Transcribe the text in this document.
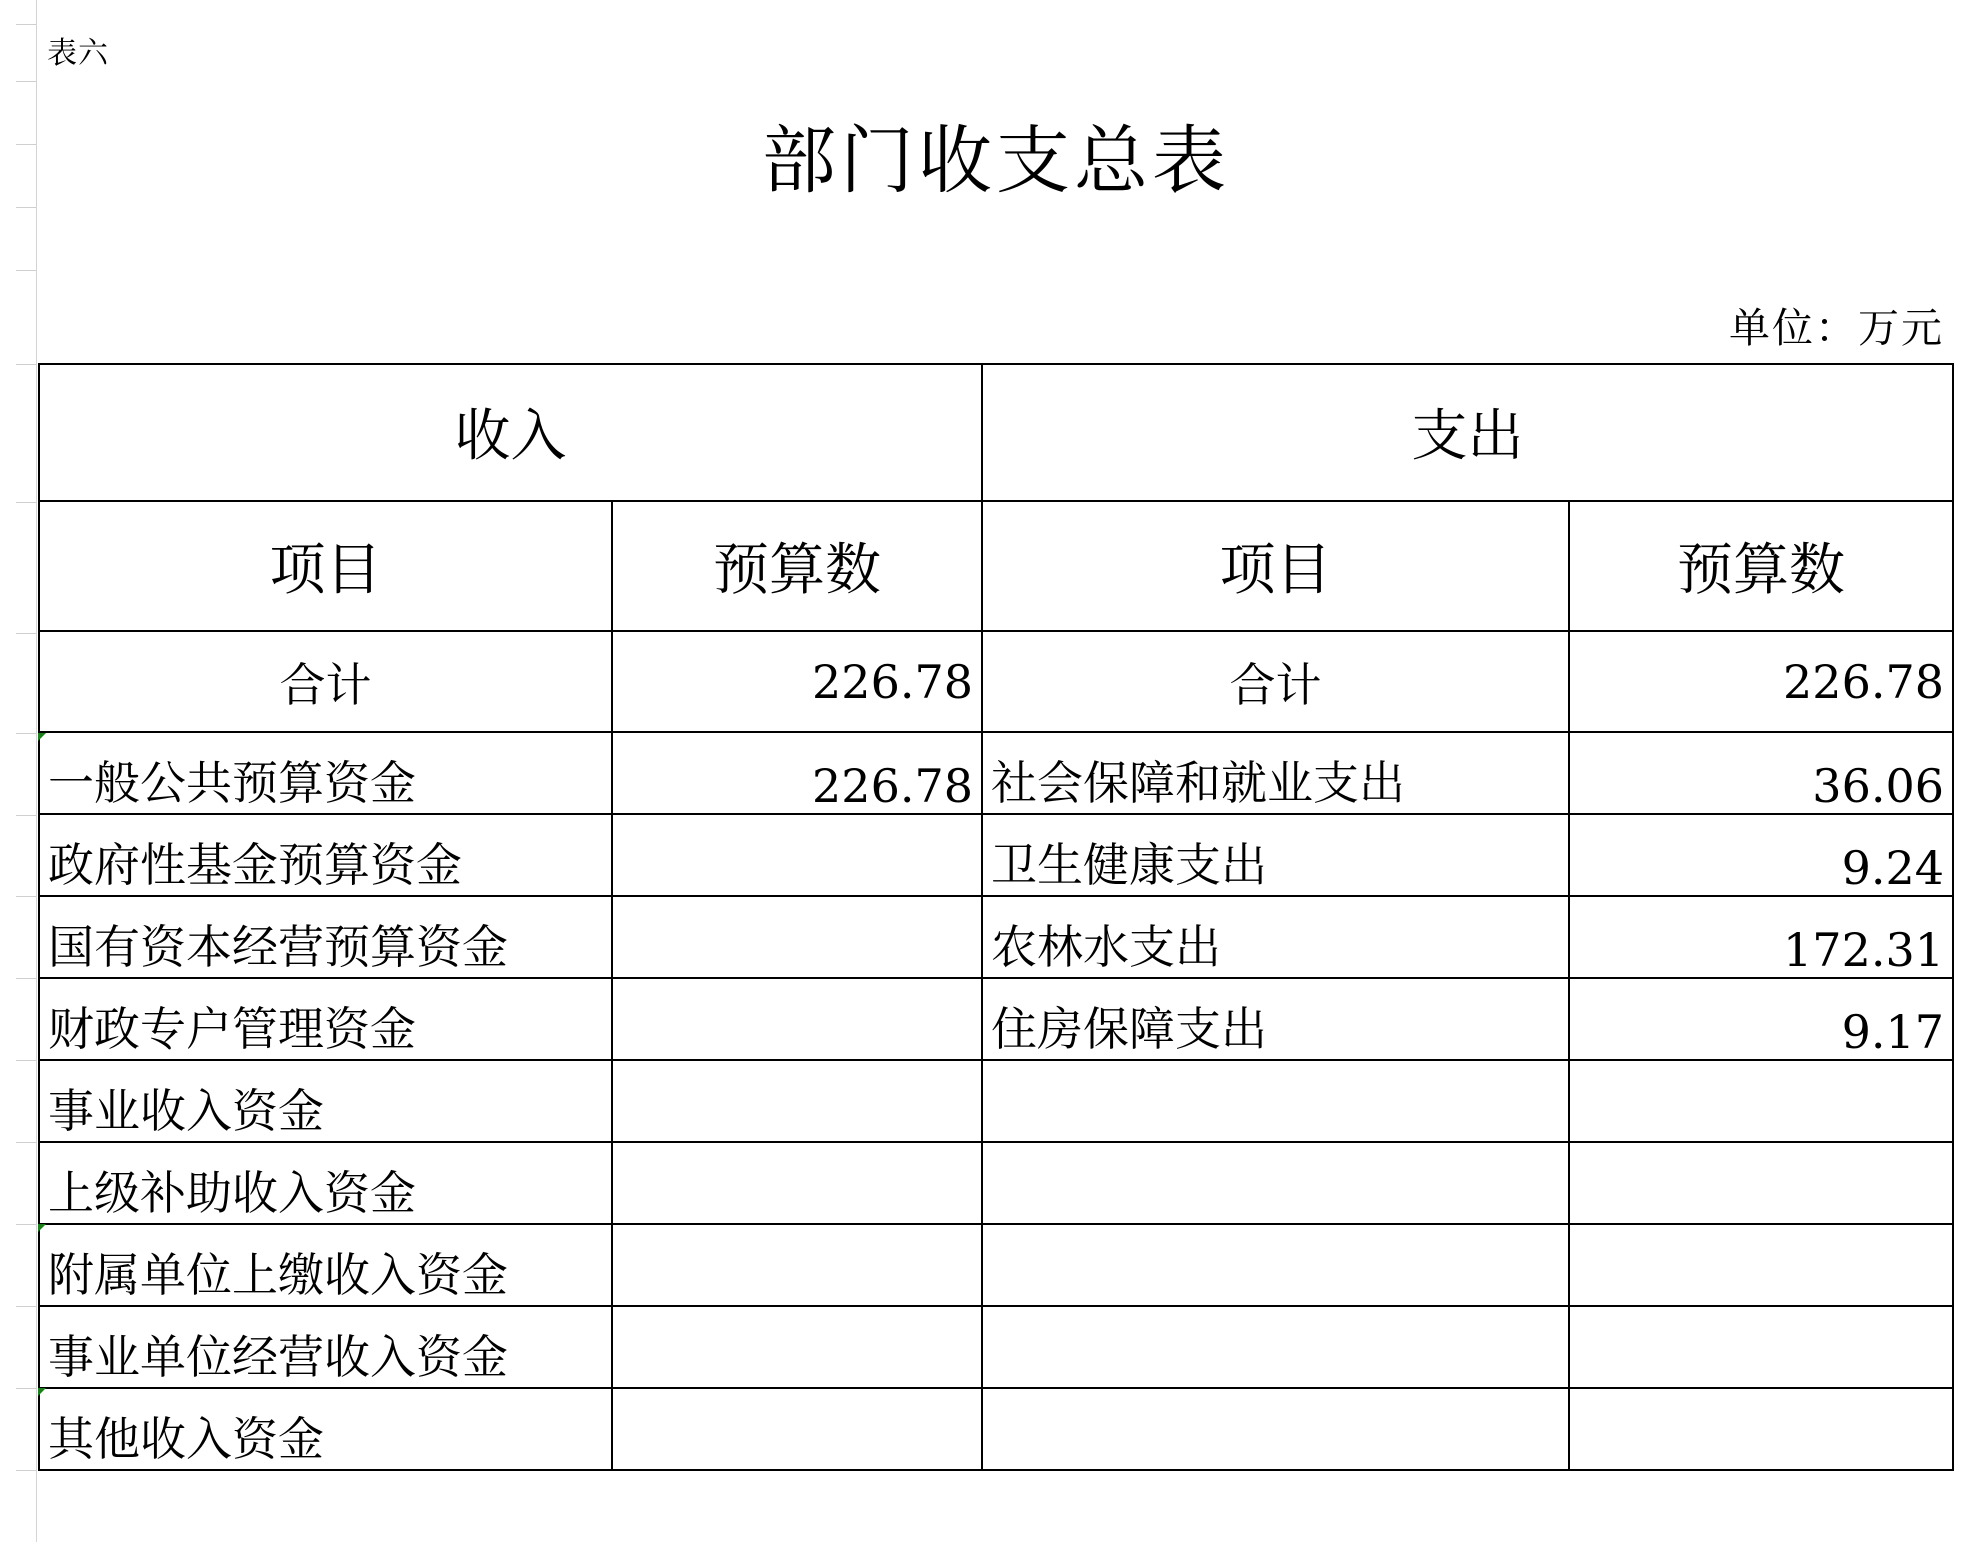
表六
部门收支总表
单位：万元
收入		支出	
项目	预算数	项目	预算数
合计	226.78	合计	226.78
一般公共预算资金	226.78	社会保障和就业支出	36.06
政府性基金预算资金		卫生健康支出	9.24
国有资本经营预算资金		农林水支出	172.31
财政专户管理资金		住房保障支出	9.17
事业收入资金			
上级补助收入资金			
附属单位上缴收入资金			
事业单位经营收入资金			
其他收入资金			
